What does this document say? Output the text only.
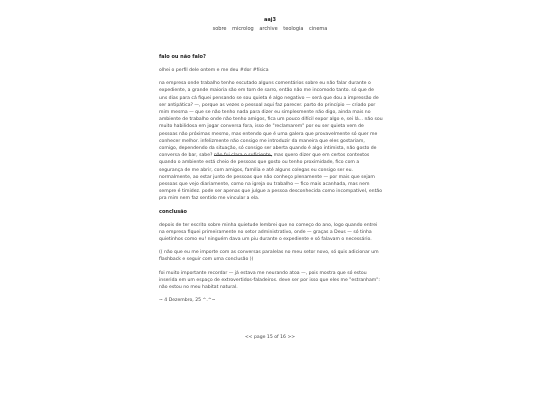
aaj3
sobre microlog archive teologia cinema
falo ou não falo?

olhei o perfil dele ontem e me deu #dor #física

na empresa onde trabalho tenho escutado alguns comentários sobre eu não falar durante o expediente, a grande maioria são em tom de sarro, então não me incomodo tanto. só que de uns dias para cá fiquei pensando se sou quieta é algo negativo — será que dou a impressão de ser antipática? —, porque as vezes o pessoal aqui faz parecer. parto do princípio — criado por mim mesma — que se não tenho nada para dizer eu simplesmente não digo, ainda mais no ambiente de trabalho onde não tenho amigos, fica um pouco difícil expor algo e, sei lá... não sou muito habilidosa em jogar conversa fora, isso de "reclamarem" por eu ser quieta vem de pessoas não próximas mesmo, mas entendo que é uma galera que provavelmente só quer me conhecer melhor. infelizmente não consigo me introduzir da maneira que eles gostariam, comigo, dependendo da situação, só consigo ser aberta quando é algo intimista, não gosto de conversa de bar, sabe? não fui clara o suficiente, mas quero dizer que em certos contextos quando o ambiente está cheio de pessoas que gosto ou tenho proximidade, fico com a segurança de me abrir, com amigos, família e até alguns colegas eu consigo ser eu. normalmente, ao estar junto de pessoas que não conheço plenamente — por mais que sejam pessoas que vejo diariamente, como na igreja ou trabalho — fico mais acanhada, mas nem sempre é timidez. pode ser apenas que julgue a pessoa desconhecida como incompatível, então pra mim nem faz sentido me vincular a ela.

conclusão

depois de ter escrito sobre minha quietude lembrei que no começo do ano, logo quando entrei na empresa fiquei primeiramente no setor administrativo, onde — graças a Deus — só tinha quietinhos como eu! ninguém dava um piu durante o expediente e só falavam o necessário.

(( não que eu me importe com as conversas paralelas no meu setor novo, só quis adicionar um flashback e seguir com uma conclusão ))

foi muito importante recordar — já estava me neurando atoa —, pois mostra que só estou inserida em um espaço de extrovertidos-faladeiros. deve ser por isso que eles me "estranham": não estou no meu habitat natural.

~ 4 Dezembro, 25 ^.^~

<< page 15 of 16 >>
